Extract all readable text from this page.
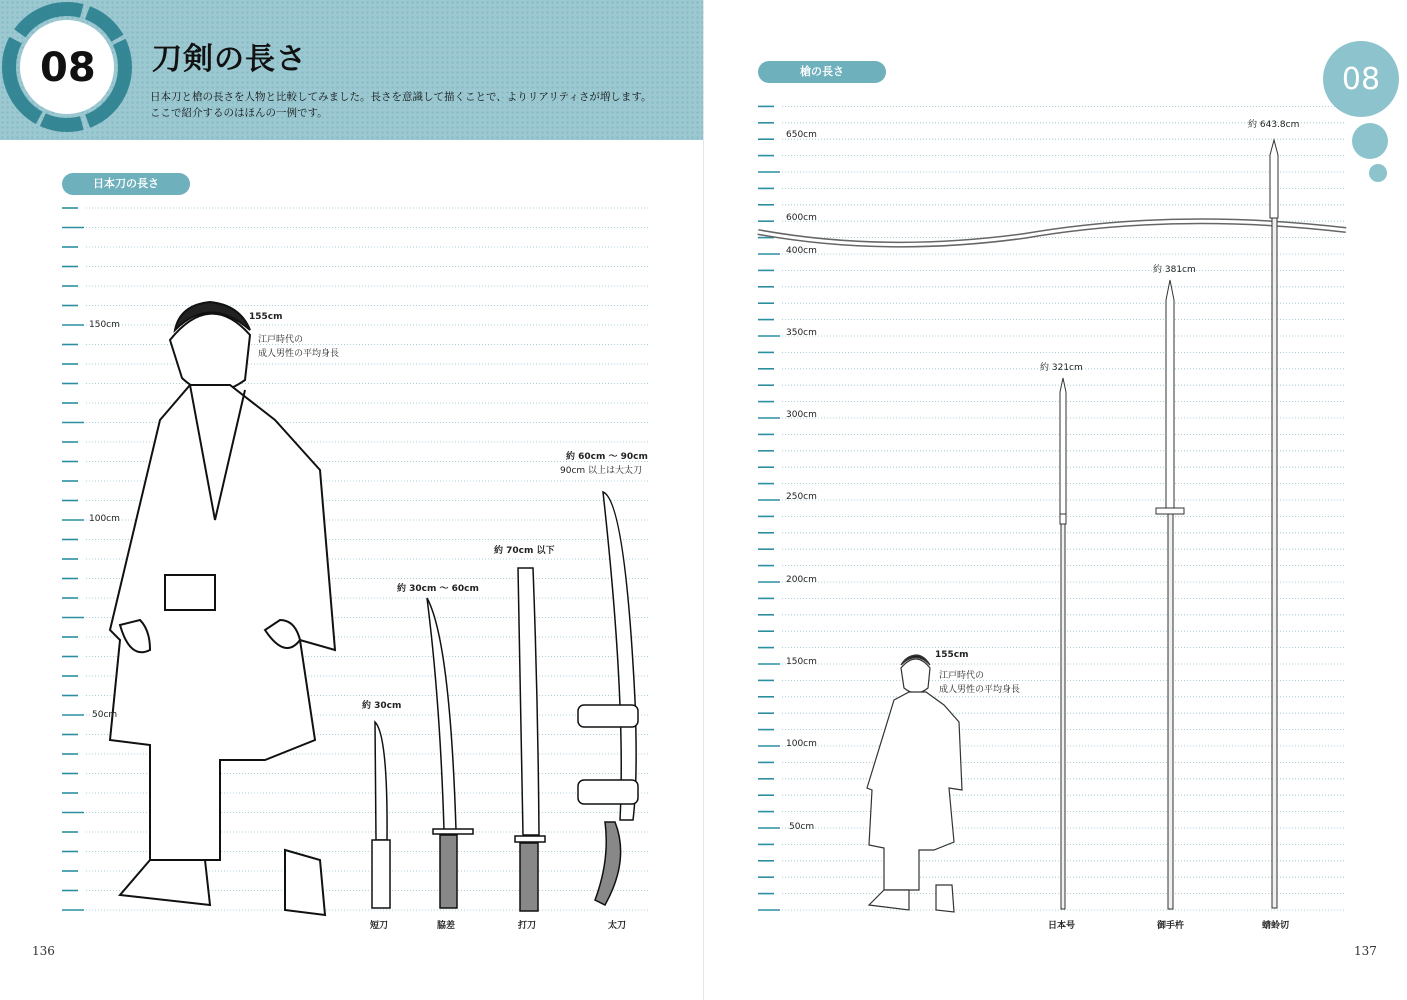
08 刀剣の長さ
日本刀と槍の長さを人物と比較してみました。長さを意識して描くことで、よりリアリティさが増します。
ここで紹介するのはほんの一例です。
日本刀の長さ
150cm
100cm
50cm
155cm
江戸時代の
成人男性の平均身長
約 30cm
約 30cm ～ 60cm
約 70cm 以下
約 60cm ～ 90cm
90cm 以上は大太刀
短刀	脇差	打刀	太刀
136
08
槍の長さ
650cm
600cm
400cm
350cm
300cm
250cm
200cm
150cm
100cm
50cm
155cm
江戸時代の
成人男性の平均身長
約 321cm
約 381cm
約 643.8cm
日本号	御手杵	蜻蛉切
137
